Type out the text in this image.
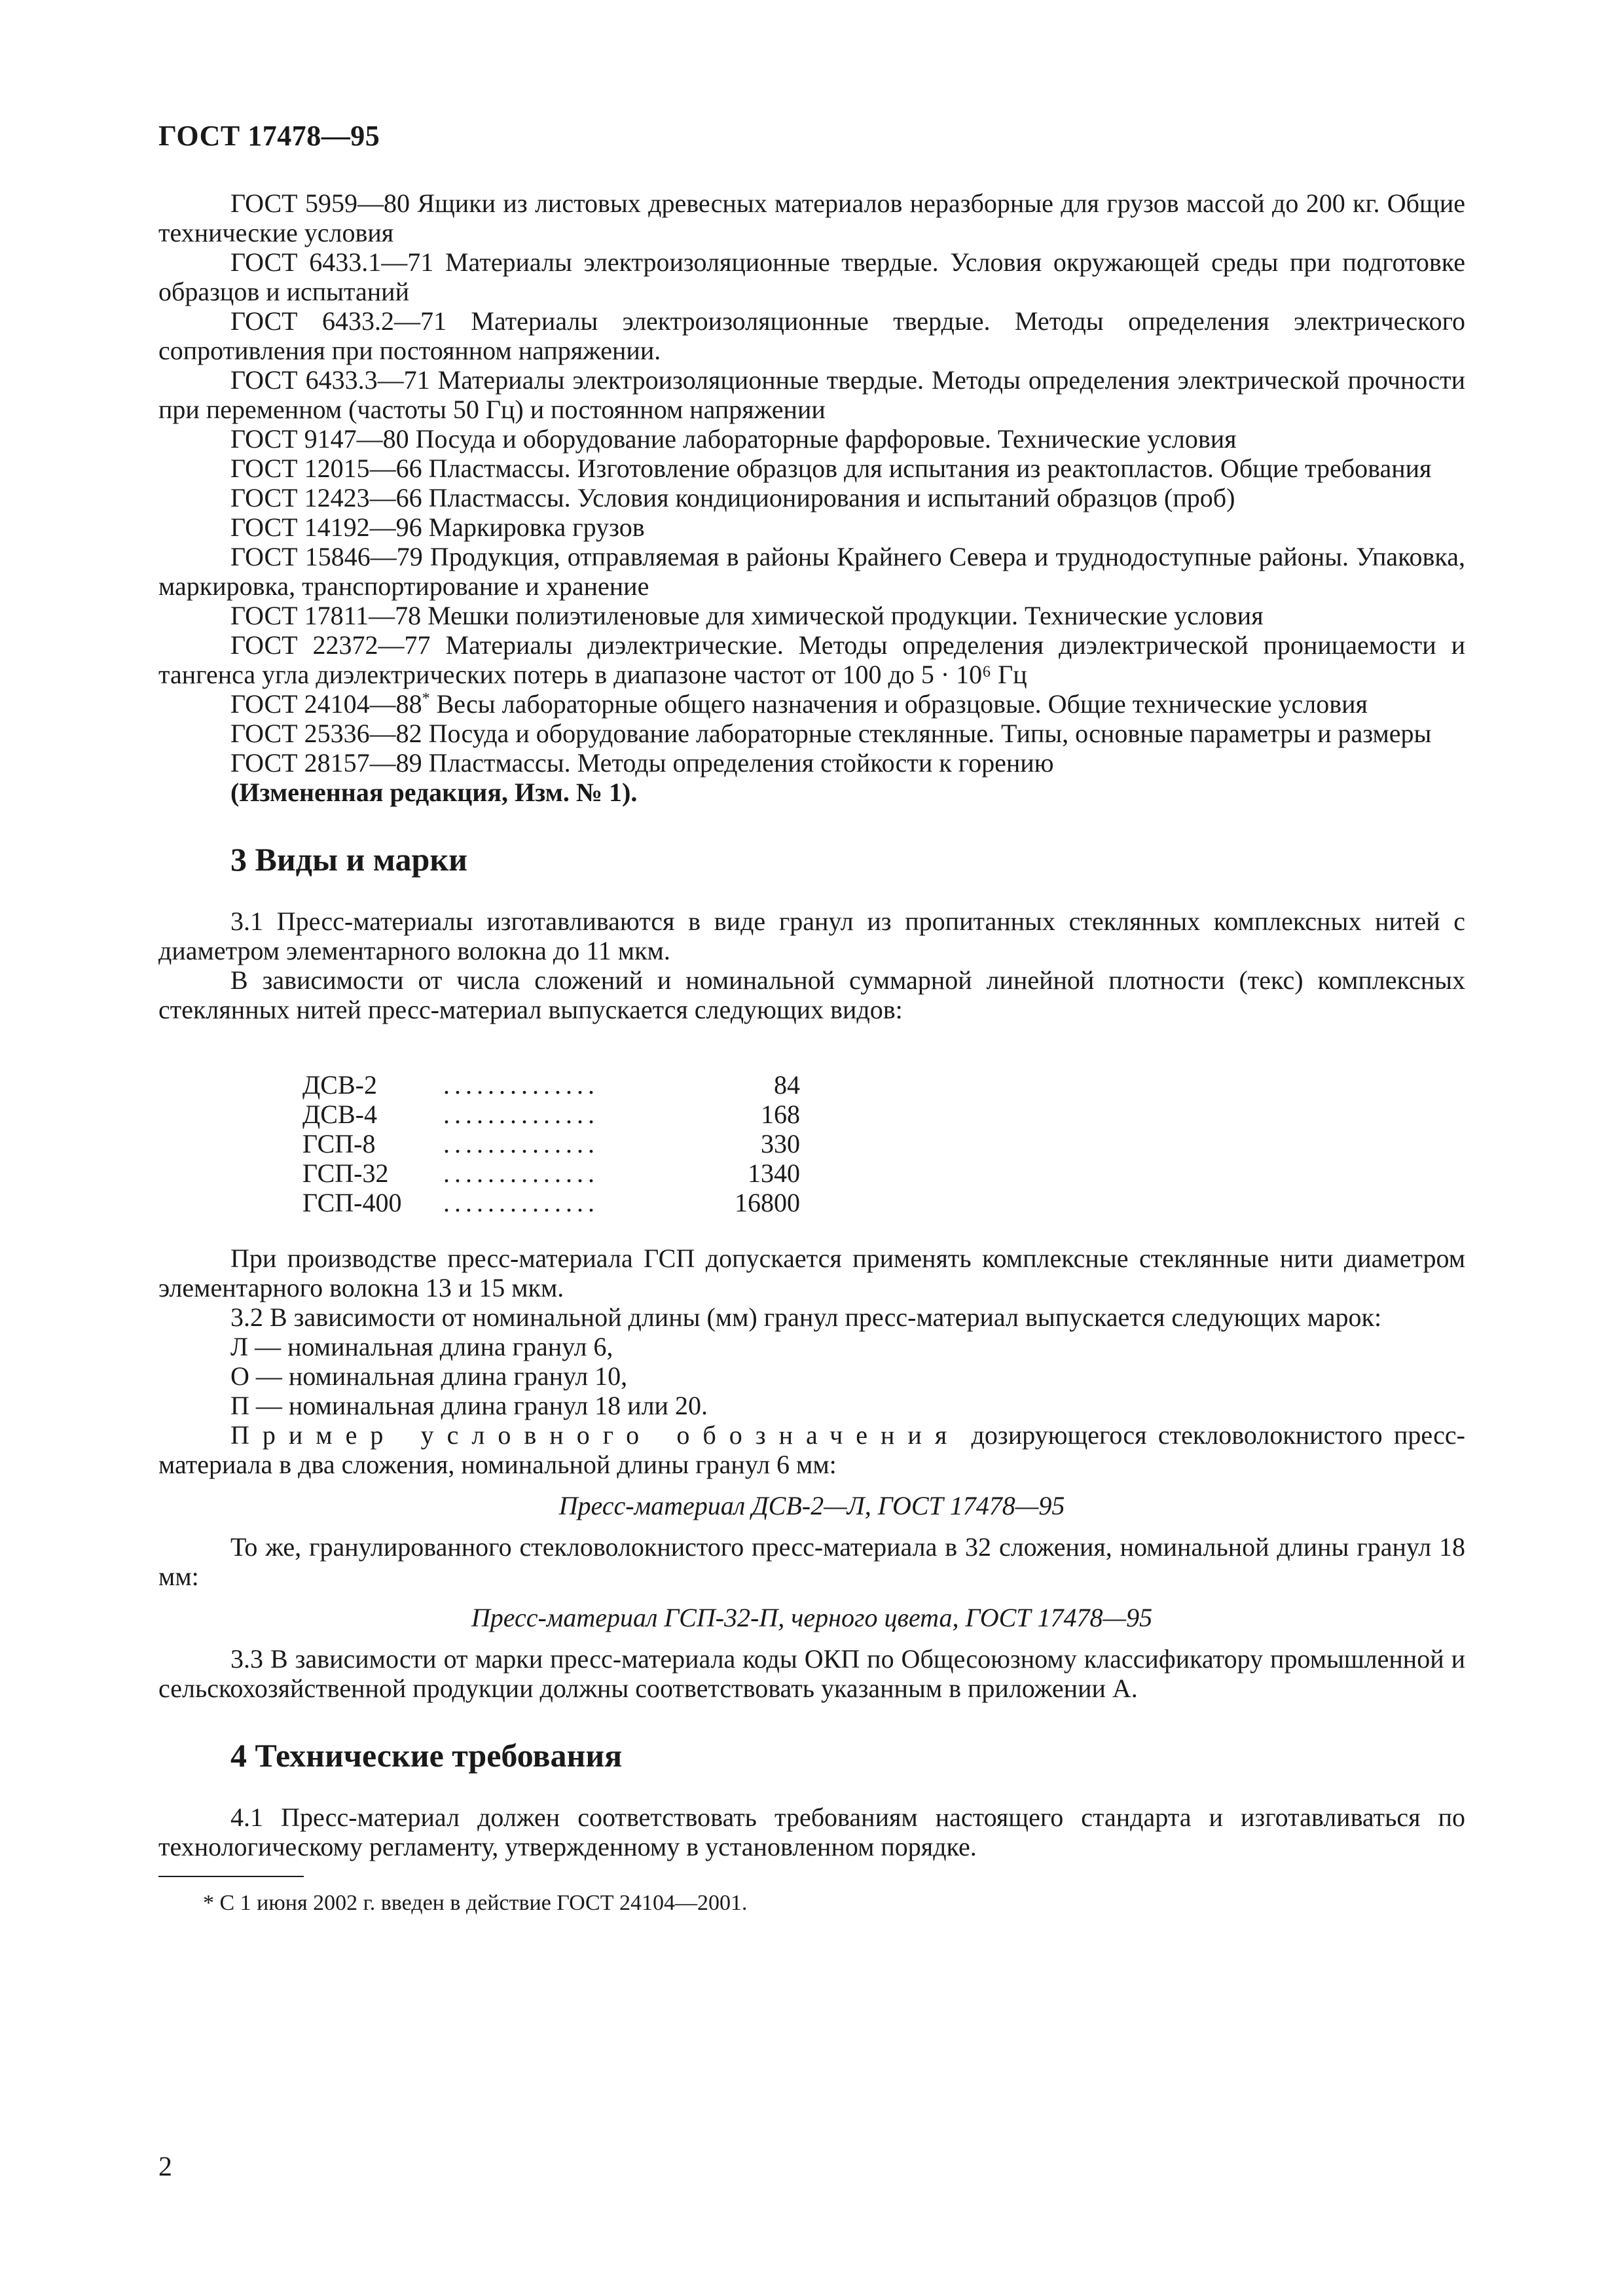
ГОСТ 17478—95

ГОСТ 5959—80 Ящики из листовых древесных материалов неразборные для грузов массой до 200 кг. Общие технические условия

ГОСТ 6433.1—71 Материалы электроизоляционные твердые. Условия окружающей среды при подготовке образцов и испытаний

ГОСТ 6433.2—71 Материалы электроизоляционные твердые. Методы определения электрического сопротивления при постоянном напряжении.

ГОСТ 6433.3—71 Материалы электроизоляционные твердые. Методы определения электрической прочности при переменном (частоты 50 Гц) и постоянном напряжении

ГОСТ 9147—80 Посуда и оборудование лабораторные фарфоровые. Технические условия

ГОСТ 12015—66 Пластмассы. Изготовление образцов для испытания из реактопластов. Общие требования

ГОСТ 12423—66 Пластмассы. Условия кондиционирования и испытаний образцов (проб)

ГОСТ 14192—96 Маркировка грузов

ГОСТ 15846—79 Продукция, отправляемая в районы Крайнего Севера и труднодоступные районы. Упаковка, маркировка, транспортирование и хранение

ГОСТ 17811—78 Мешки полиэтиленовые для химической продукции. Технические условия

ГОСТ 22372—77 Материалы диэлектрические. Методы определения диэлектрической проницаемости и тангенса угла диэлектрических потерь в диапазоне частот от 100 до 5 · 10⁶ Гц

ГОСТ 24104—88* Весы лабораторные общего назначения и образцовые. Общие технические условия

ГОСТ 25336—82 Посуда и оборудование лабораторные стеклянные. Типы, основные параметры и размеры

ГОСТ 28157—89 Пластмассы. Методы определения стойкости к горению

(Измененная редакция, Изм. № 1).

3 Виды и марки

3.1 Пресс-материалы изготавливаются в виде гранул из пропитанных стеклянных комплексных нитей с диаметром элементарного волокна до 11 мкм.

В зависимости от числа сложений и номинальной суммарной линейной плотности (текс) комплексных стеклянных нитей пресс-материал выпускается следующих видов:

ДСВ-2	..............	84
ДСВ-4	..............	168
ГСП-8	..............	330
ГСП-32	..............	1340
ГСП-400	..............	16800

При производстве пресс-материала ГСП допускается применять комплексные стеклянные нити диаметром элементарного волокна 13 и 15 мкм.

3.2 В зависимости от номинальной длины (мм) гранул пресс-материал выпускается следующих марок:

Л — номинальная длина гранул 6,

О — номинальная длина гранул 10,

П — номинальная длина гранул 18 или 20.

Пример условного обозначения дозирующегося стекловолокнистого пресс-материала в два сложения, номинальной длины гранул 6 мм:

Пресс-материал ДСВ-2—Л, ГОСТ 17478—95

То же, гранулированного стекловолокнистого пресс-материала в 32 сложения, номинальной длины гранул 18 мм:

Пресс-материал ГСП-32-П, черного цвета, ГОСТ 17478—95

3.3 В зависимости от марки пресс-материала коды ОКП по Общесоюзному классификатору промышленной и сельскохозяйственной продукции должны соответствовать указанным в приложении А.

4 Технические требования

4.1 Пресс-материал должен соответствовать требованиям настоящего стандарта и изготавливаться по технологическому регламенту, утвержденному в установленном порядке.

* С 1 июня 2002 г. введен в действие ГОСТ 24104—2001.

2
